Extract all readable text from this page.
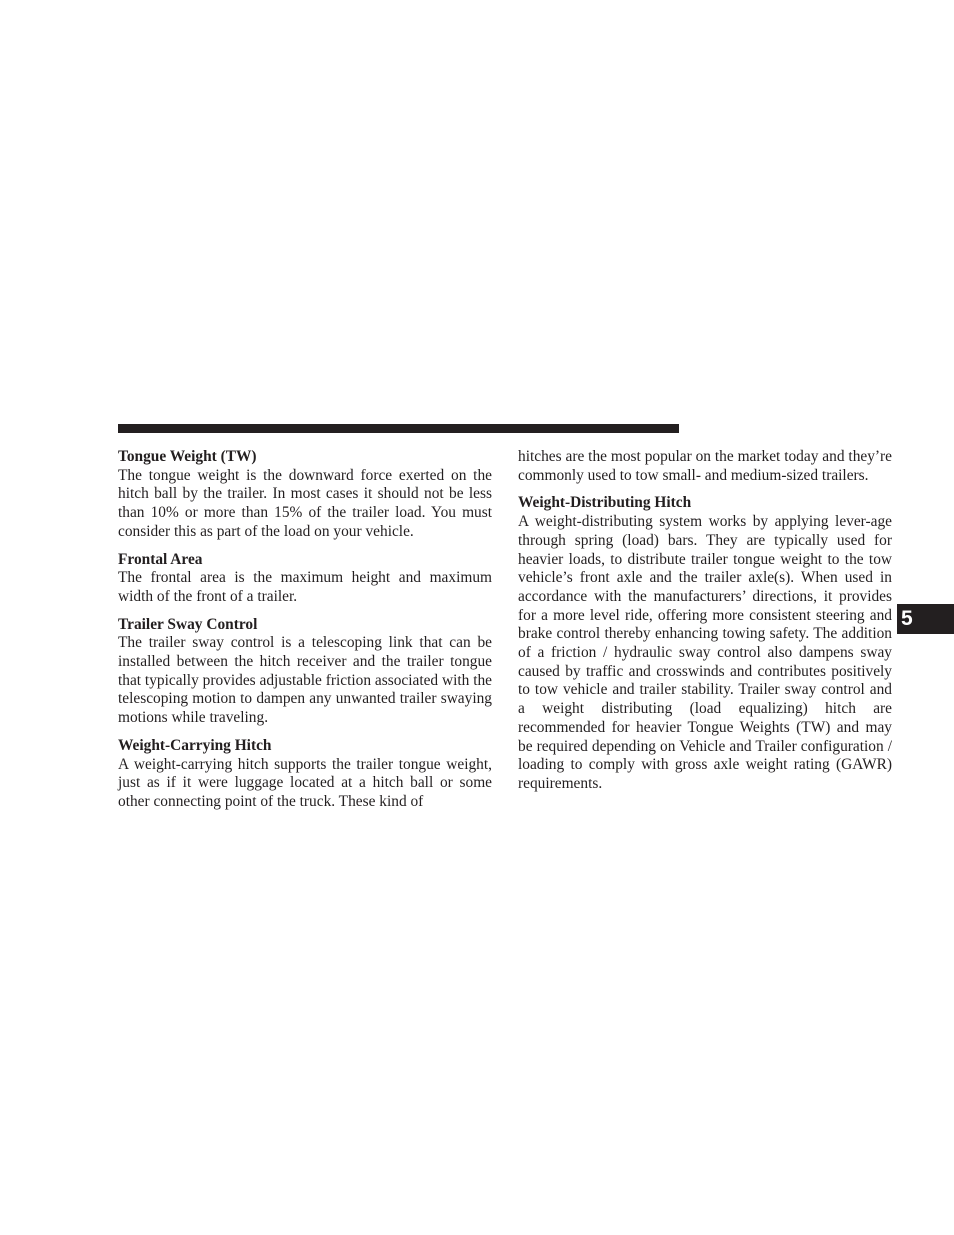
Tongue Weight (TW)

The tongue weight is the downward force exerted on the hitch ball by the trailer. In most cases it should not be less than 10% or more than 15% of the trailer load. You must consider this as part of the load on your vehicle.

Frontal Area

The frontal area is the maximum height and maximum width of the front of a trailer.

Trailer Sway Control

The trailer sway control is a telescoping link that can be installed between the hitch receiver and the trailer tongue that typically provides adjustable friction associated with the telescoping motion to dampen any unwanted trailer swaying motions while traveling.

Weight-Carrying Hitch

A weight-carrying hitch supports the trailer tongue weight, just as if it were luggage located at a hitch ball or some other connecting point of the truck. These kind of

hitches are the most popular on the market today and they’re commonly used to tow small- and medium-sized trailers.

Weight-Distributing Hitch

A weight-distributing system works by applying lever-age through spring (load) bars. They are typically used for heavier loads, to distribute trailer tongue weight to the tow vehicle’s front axle and the trailer axle(s). When used in accordance with the manufacturers’ directions, it provides for a more level ride, offering more consistent steering and brake control thereby enhancing towing safety. The addition of a friction / hydraulic sway control also dampens sway caused by traffic and crosswinds and contributes positively to tow vehicle and trailer stability. Trailer sway control and a weight distributing (load equalizing) hitch are recommended for heavier Tongue Weights (TW) and may be required depending on Vehicle and Trailer configuration / loading to comply with gross axle weight rating (GAWR) requirements.

5
